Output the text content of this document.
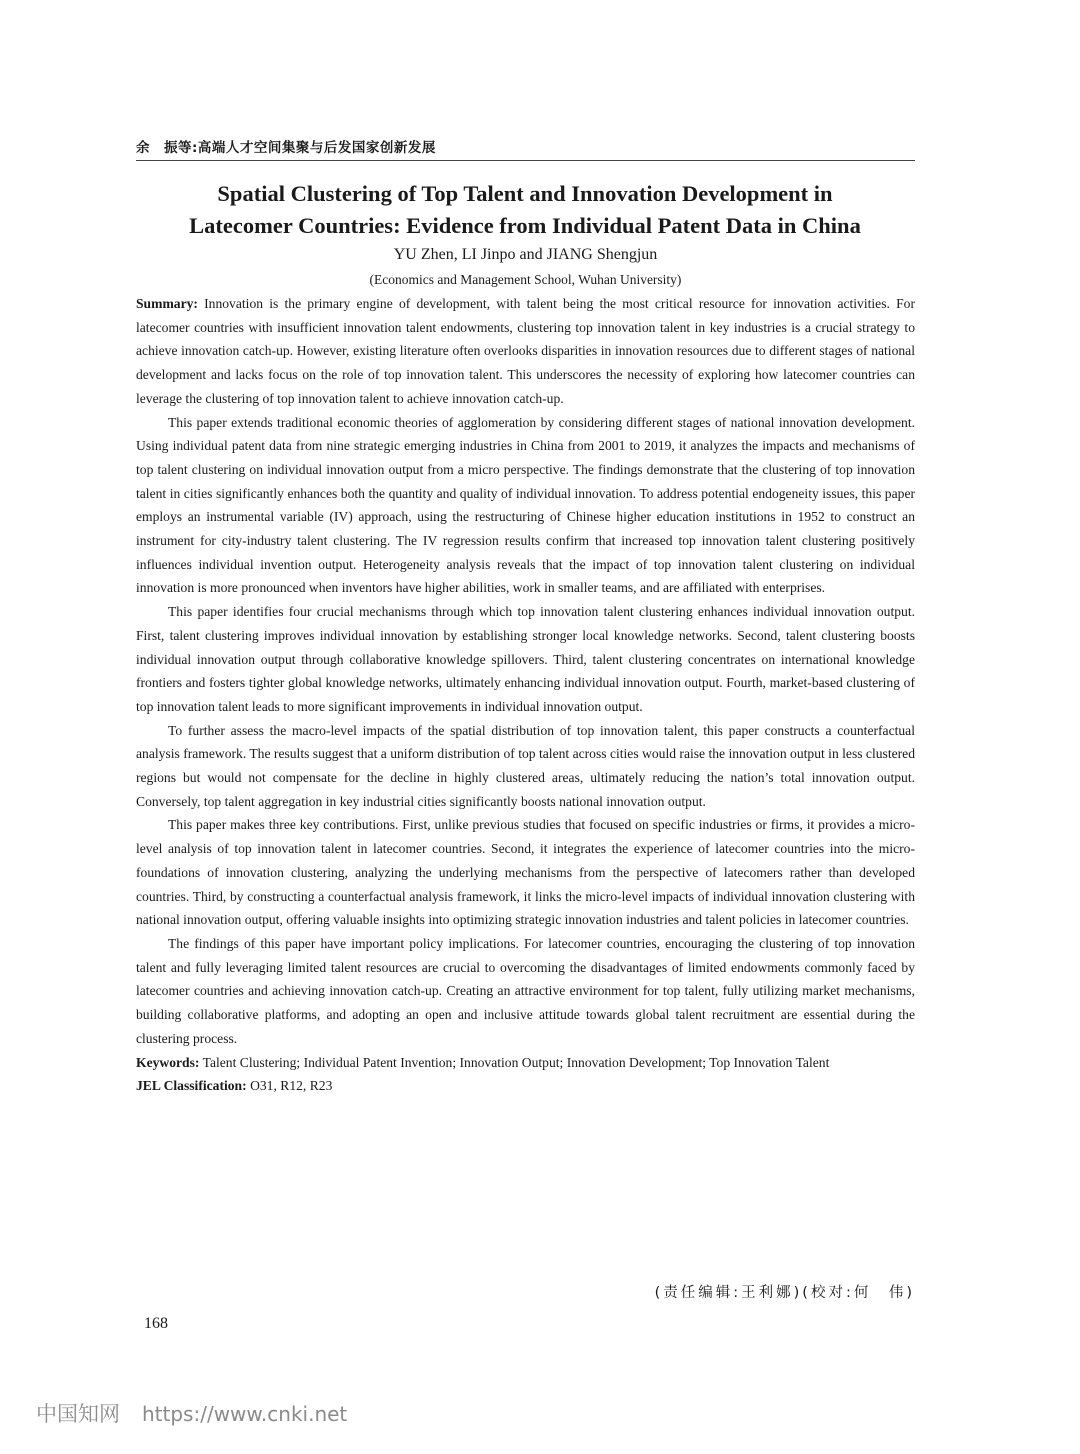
余　振等:高端人才空间集聚与后发国家创新发展
Spatial Clustering of Top Talent and Innovation Development in
Latecomer Countries: Evidence from Individual Patent Data in China
YU Zhen, LI Jinpo and JIANG Shengjun
(Economics and Management School, Wuhan University)

Summary: Innovation is the primary engine of development, with talent being the most critical resource for innovation activities. For latecomer countries with insufficient innovation talent endowments, clustering top innovation talent in key industries is a crucial strategy to achieve innovation catch-up. However, existing literature often overlooks disparities in innovation resources due to different stages of national development and lacks focus on the role of top innovation talent. This underscores the necessity of exploring how latecomer countries can leverage the clustering of top innovation talent to achieve innovation catch-up.

This paper extends traditional economic theories of agglomeration by considering different stages of national innovation development. Using individual patent data from nine strategic emerging industries in China from 2001 to 2019, it analyzes the impacts and mechanisms of top talent clustering on individual innovation output from a micro perspective. The findings demonstrate that the clustering of top innovation talent in cities significantly enhances both the quantity and quality of individual innovation. To address potential endogeneity issues, this paper employs an instrumental variable (IV) approach, using the restructuring of Chinese higher education institutions in 1952 to construct an instrument for city-industry talent clustering. The IV regression results confirm that increased top innovation talent clustering positively influences individual invention output. Heterogeneity analysis reveals that the impact of top innovation talent clustering on individual innovation is more pronounced when inventors have higher abilities, work in smaller teams, and are affiliated with enterprises.

This paper identifies four crucial mechanisms through which top innovation talent clustering enhances individual innovation output. First, talent clustering improves individual innovation by establishing stronger local knowledge networks. Second, talent clustering boosts individual innovation output through collaborative knowledge spillovers. Third, talent clustering concentrates on international knowledge frontiers and fosters tighter global knowledge networks, ultimately enhancing individual innovation output. Fourth, market-based clustering of top innovation talent leads to more significant improvements in individual innovation output.

To further assess the macro-level impacts of the spatial distribution of top innovation talent, this paper constructs a counterfactual analysis framework. The results suggest that a uniform distribution of top talent across cities would raise the innovation output in less clustered regions but would not compensate for the decline in highly clustered areas, ultimately reducing the nation’s total innovation output. Conversely, top talent aggregation in key industrial cities significantly boosts national innovation output.

This paper makes three key contributions. First, unlike previous studies that focused on specific industries or firms, it provides a micro-level analysis of top innovation talent in latecomer countries. Second, it integrates the experience of latecomer countries into the micro-foundations of innovation clustering, analyzing the underlying mechanisms from the perspective of latecomers rather than developed countries. Third, by constructing a counterfactual analysis framework, it links the micro-level impacts of individual innovation clustering with national innovation output, offering valuable insights into optimizing strategic innovation industries and talent policies in latecomer countries.

The findings of this paper have important policy implications. For latecomer countries, encouraging the clustering of top innovation talent and fully leveraging limited talent resources are crucial to overcoming the disadvantages of limited endowments commonly faced by latecomer countries and achieving innovation catch-up. Creating an attractive environment for top talent, fully utilizing market mechanisms, building collaborative platforms, and adopting an open and inclusive attitude towards global talent recruitment are essential during the clustering process.

Keywords: Talent Clustering; Individual Patent Invention; Innovation Output; Innovation Development; Top Innovation Talent

JEL Classification: O31, R12, R23

(责任编辑:王利娜)(校对:何　伟)
168
中国知网 https://www.cnki.net
